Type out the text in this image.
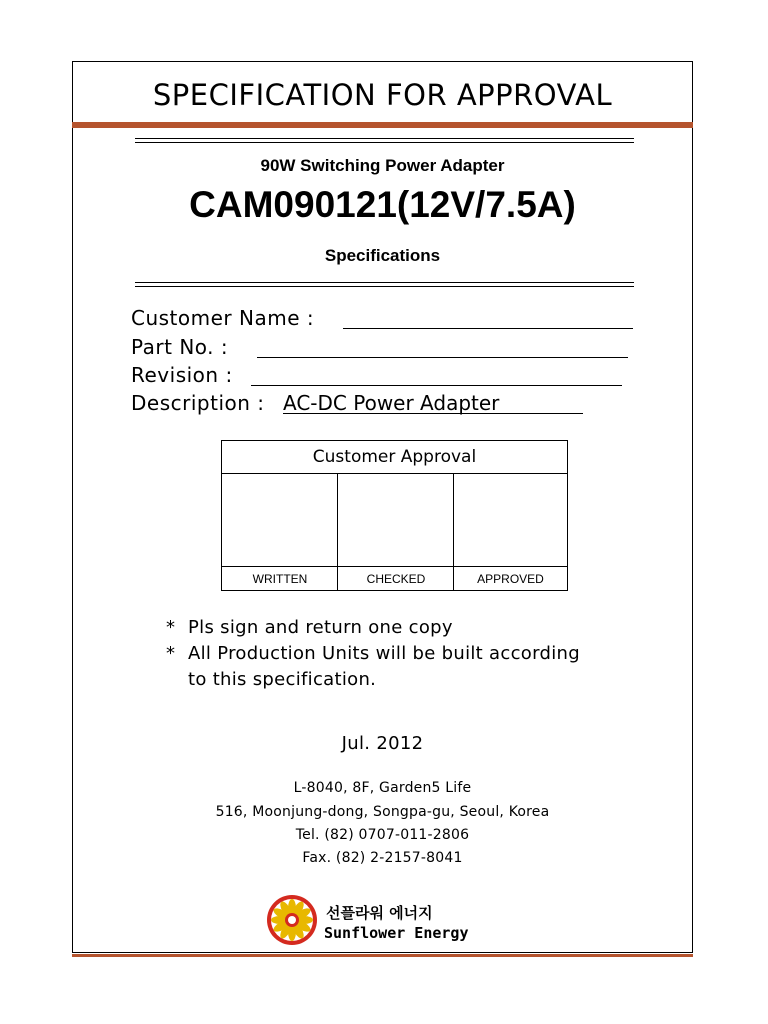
SPECIFICATION FOR APPROVAL
90W Switching Power Adapter
CAM090121(12V/7.5A)
Specifications
Customer Name :
Part No. :
Revision :
Description : AC-DC Power Adapter
Customer Approval
WRITTEN	CHECKED	APPROVED
* Pls sign and return one copy
* All Production Units will be built according
to this specification.
Jul. 2012
L-8040, 8F, Garden5 Life
516, Moonjung-dong, Songpa-gu, Seoul, Korea
Tel. (82) 0707-011-2806
Fax. (82) 2-2157-8041
선플라워 에너지
Sunflower Energy
